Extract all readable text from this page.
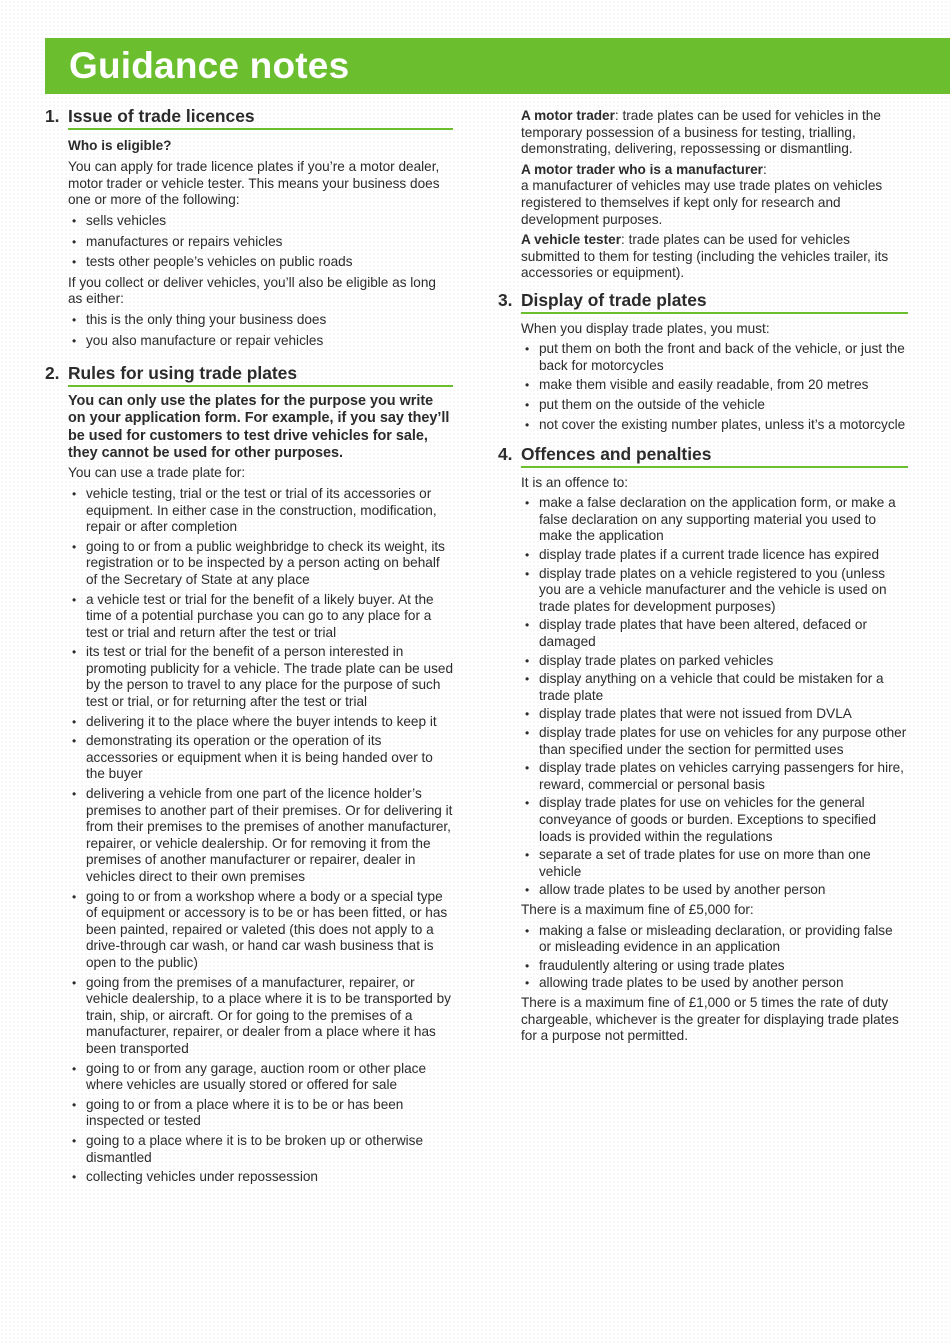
Guidance notes
1. Issue of trade licences

Who is eligible?

You can apply for trade licence plates if you’re a motor dealer, motor trader or vehicle tester. This means your business does one or more of the following:

• sells vehicles
• manufactures or repairs vehicles
• tests other people’s vehicles on public roads

If you collect or deliver vehicles, you’ll also be eligible as long as either:

• this is the only thing your business does
• you also manufacture or repair vehicles
2. Rules for using trade plates

You can only use the plates for the purpose you write on your application form. For example, if you say they’ll be used for customers to test drive vehicles for sale, they cannot be used for other purposes.

You can use a trade plate for:

• vehicle testing, trial or the test or trial of its accessories or equipment. In either case in the construction, modification, repair or after completion
• going to or from a public weighbridge to check its weight, its registration or to be inspected by a person acting on behalf of the Secretary of State at any place
• a vehicle test or trial for the benefit of a likely buyer. At the time of a potential purchase you can go to any place for a test or trial and return after the test or trial
• its test or trial for the benefit of a person interested in promoting publicity for a vehicle. The trade plate can be used by the person to travel to any place for the purpose of such test or trial, or for returning after the test or trial
• delivering it to the place where the buyer intends to keep it
• demonstrating its operation or the operation of its accessories or equipment when it is being handed over to the buyer
• delivering a vehicle from one part of the licence holder’s premises to another part of their premises. Or for delivering it from their premises to the premises of another manufacturer, repairer, or vehicle dealership. Or for removing it from the premises of another manufacturer or repairer, dealer in vehicles direct to their own premises
• going to or from a workshop where a body or a special type of equipment or accessory is to be or has been fitted, or has been painted, repaired or valeted (this does not apply to a drive-through car wash, or hand car wash business that is open to the public)
• going from the premises of a manufacturer, repairer, or vehicle dealership, to a place where it is to be transported by train, ship, or aircraft. Or for going to the premises of a manufacturer, repairer, or dealer from a place where it has been transported
• going to or from any garage, auction room or other place where vehicles are usually stored or offered for sale
• going to or from a place where it is to be or has been inspected or tested
• going to a place where it is to be broken up or otherwise dismantled
• collecting vehicles under repossession

A motor trader: trade plates can be used for vehicles in the temporary possession of a business for testing, trialling, demonstrating, delivering, repossessing or dismantling.

A motor trader who is a manufacturer:
a manufacturer of vehicles may use trade plates on vehicles registered to themselves if kept only for research and development purposes.

A vehicle tester: trade plates can be used for vehicles submitted to them for testing (including the vehicles trailer, its accessories or equipment).

3. Display of trade plates

When you display trade plates, you must:

• put them on both the front and back of the vehicle, or just the back for motorcycles
• make them visible and easily readable, from 20 metres
• put them on the outside of the vehicle
• not cover the existing number plates, unless it’s a motorcycle
4. Offences and penalties

It is an offence to:

• make a false declaration on the application form, or make a false declaration on any supporting material you used to make the application
• display trade plates if a current trade licence has expired
• display trade plates on a vehicle registered to you (unless you are a vehicle manufacturer and the vehicle is used on trade plates for development purposes)
• display trade plates that have been altered, defaced or damaged
• display trade plates on parked vehicles
• display anything on a vehicle that could be mistaken for a trade plate
• display trade plates that were not issued from DVLA
• display trade plates for use on vehicles for any purpose other than specified under the section for permitted uses
• display trade plates on vehicles carrying passengers for hire, reward, commercial or personal basis
• display trade plates for use on vehicles for the general conveyance of goods or burden. Exceptions to specified loads is provided within the regulations
• separate a set of trade plates for use on more than one vehicle
• allow trade plates to be used by another person

There is a maximum fine of £5,000 for:

• making a false or misleading declaration, or providing false or misleading evidence in an application
• fraudulently altering or using trade plates
• allowing trade plates to be used by another person

There is a maximum fine of £1,000 or 5 times the rate of duty chargeable, whichever is the greater for displaying trade plates for a purpose not permitted.
